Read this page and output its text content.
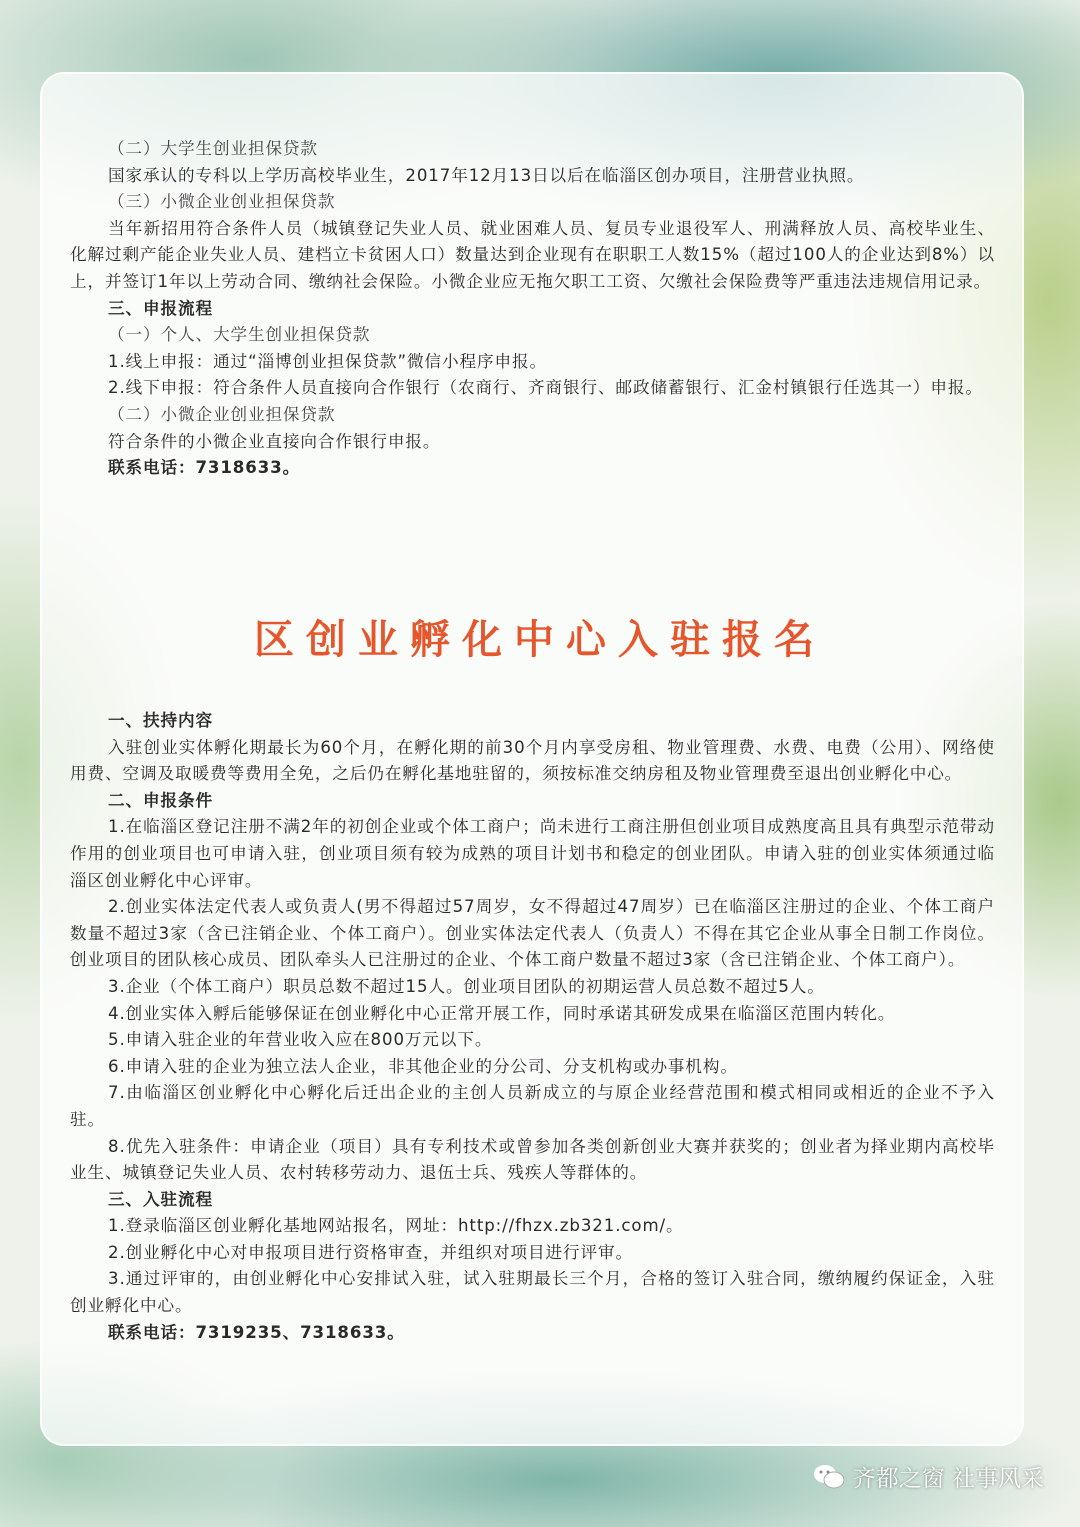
（二）大学生创业担保贷款

国家承认的专科以上学历高校毕业生，2017年12月13日以后在临淄区创办项目，注册营业执照。

（三）小微企业创业担保贷款

当年新招用符合条件人员（城镇登记失业人员、就业困难人员、复员专业退役军人、刑满释放人员、高校毕业生、化解过剩产能企业失业人员、建档立卡贫困人口）数量达到企业现有在职职工人数15%（超过100人的企业达到8%）以上，并签订1年以上劳动合同、缴纳社会保险。小微企业应无拖欠职工工资、欠缴社会保险费等严重违法违规信用记录。

三、申报流程

（一）个人、大学生创业担保贷款

1.线上申报：通过“淄博创业担保贷款”微信小程序申报。

2.线下申报：符合条件人员直接向合作银行（农商行、齐商银行、邮政储蓄银行、汇金村镇银行任选其一）申报。

（二）小微企业创业担保贷款

符合条件的小微企业直接向合作银行申报。

联系电话：7318633。

区创业孵化中心入驻报名

一、扶持内容

入驻创业实体孵化期最长为60个月，在孵化期的前30个月内享受房租、物业管理费、水费、电费（公用）、网络使用费、空调及取暖费等费用全免，之后仍在孵化基地驻留的，须按标准交纳房租及物业管理费至退出创业孵化中心。

二、申报条件

1.在临淄区登记注册不满2年的初创企业或个体工商户；尚未进行工商注册但创业项目成熟度高且具有典型示范带动作用的创业项目也可申请入驻，创业项目须有较为成熟的项目计划书和稳定的创业团队。申请入驻的创业实体须通过临淄区创业孵化中心评审。

2.创业实体法定代表人或负责人(男不得超过57周岁，女不得超过47周岁）已在临淄区注册过的企业、个体工商户数量不超过3家（含已注销企业、个体工商户）。创业实体法定代表人（负责人）不得在其它企业从事全日制工作岗位。创业项目的团队核心成员、团队牵头人已注册过的企业、个体工商户数量不超过3家（含已注销企业、个体工商户）。

3.企业（个体工商户）职员总数不超过15人。创业项目团队的初期运营人员总数不超过5人。

4.创业实体入孵后能够保证在创业孵化中心正常开展工作，同时承诺其研发成果在临淄区范围内转化。

5.申请入驻企业的年营业收入应在800万元以下。

6.申请入驻的企业为独立法人企业，非其他企业的分公司、分支机构或办事机构。

7.由临淄区创业孵化中心孵化后迁出企业的主创人员新成立的与原企业经营范围和模式相同或相近的企业不予入驻。

8.优先入驻条件：申请企业（项目）具有专利技术或曾参加各类创新创业大赛并获奖的；创业者为择业期内高校毕业生、城镇登记失业人员、农村转移劳动力、退伍士兵、残疾人等群体的。

三、入驻流程

1.登录临淄区创业孵化基地网站报名，网址：http://fhzx.zb321.com/。

2.创业孵化中心对申报项目进行资格审查，并组织对项目进行评审。

3.通过评审的，由创业孵化中心安排试入驻，试入驻期最长三个月，合格的签订入驻合同，缴纳履约保证金，入驻创业孵化中心。

联系电话：7319235、7318633。

齐都之窗 社事风采
